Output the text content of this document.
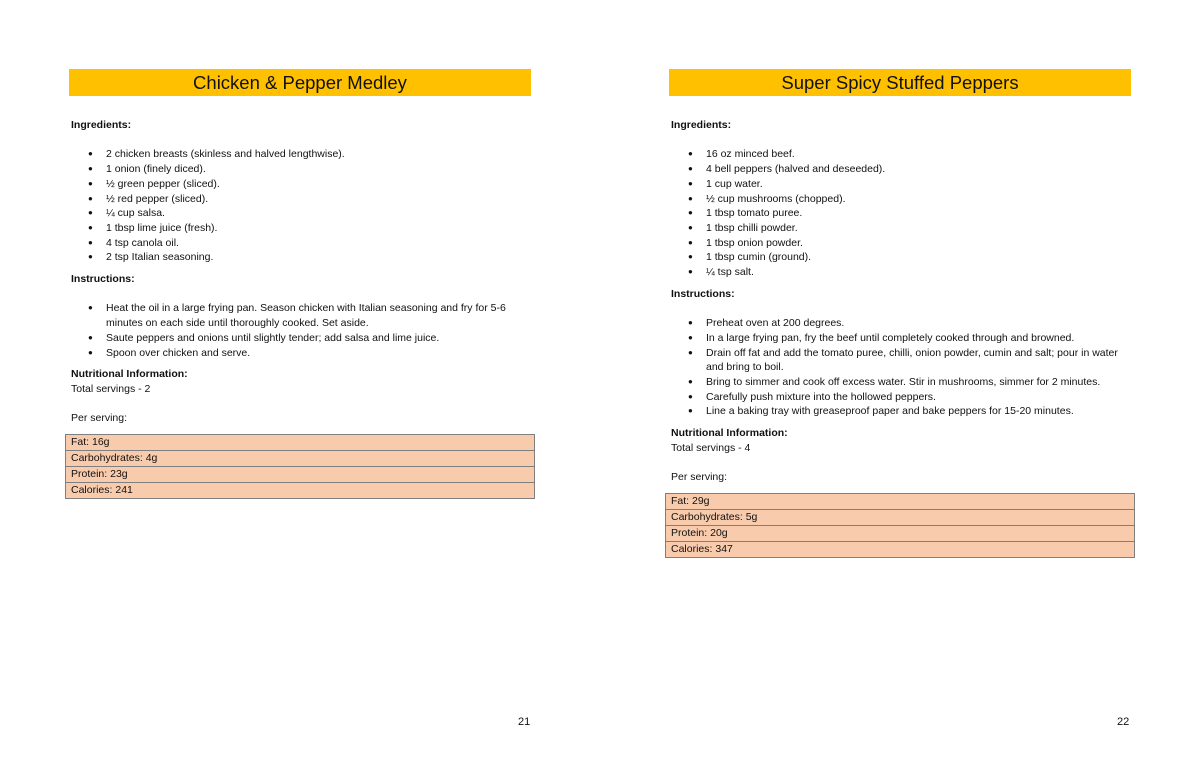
Chicken & Pepper Medley

Ingredients:

● 2 chicken breasts (skinless and halved lengthwise).
● 1 onion (finely diced).
● ½ green pepper (sliced).
● ½ red pepper (sliced).
● ¼ cup salsa.
● 1 tbsp lime juice (fresh).
● 4 tsp canola oil.
● 2 tsp Italian seasoning.

Instructions:

● Heat the oil in a large frying pan. Season chicken with Italian seasoning and fry for 5-6 minutes on each side until thoroughly cooked. Set aside.
● Saute peppers and onions until slightly tender; add salsa and lime juice.
● Spoon over chicken and serve.

Nutritional Information:

Total servings - 2

Per serving:

Fat: 16g
Carbohydrates: 4g
Protein: 23g
Calories: 241
21
Super Spicy Stuffed Peppers

Ingredients:

● 16 oz minced beef.
● 4 bell peppers (halved and deseeded).
● 1 cup water.
● ½ cup mushrooms (chopped).
● 1 tbsp tomato puree.
● 1 tbsp chilli powder.
● 1 tbsp onion powder.
● 1 tbsp cumin (ground).
● ¼ tsp salt.

Instructions:

● Preheat oven at 200 degrees.
● In a large frying pan, fry the beef until completely cooked through and browned.
● Drain off fat and add the tomato puree, chilli, onion powder, cumin and salt; pour in water and bring to boil.
● Bring to simmer and cook off excess water. Stir in mushrooms, simmer for 2 minutes.
● Carefully push mixture into the hollowed peppers.
● Line a baking tray with greaseproof paper and bake peppers for 15-20 minutes.

Nutritional Information:

Total servings - 4

Per serving:

Fat: 29g
Carbohydrates: 5g
Protein: 20g
Calories: 347
22
